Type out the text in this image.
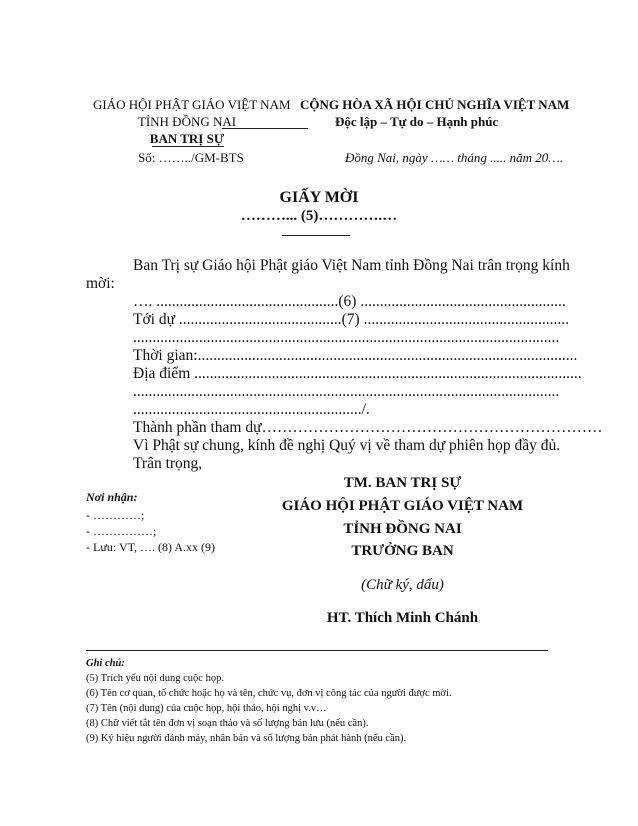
GIÁO HỘI PHẬT GIÁO VIỆT NAM
TỈNH ĐỒNG NAI
BAN TRỊ SỰ
CỘNG HÒA XÃ HỘI CHỦ NGHĨA VIỆT NAM
Độc lập – Tự do – Hạnh phúc
Số: ……../GM-BTS	Đồng Nai, ngày …… tháng ..... năm 20….
GIẤY MỜI
………... (5)………….…
Ban Trị sự Giáo hội Phật giáo Việt Nam tỉnh Đồng Nai trân trọng kính
mời:
…. ...............................................(6) .....................................................
Tới dự ..........................................(7) .....................................................
..............................................................................................................
Thời gian:..................................................................................................
Địa điểm ....................................................................................................
..............................................................................................................
.........................................................../.
Thành phần tham dự…………………………………………………………
Vì Phật sự chung, kính đề nghị Quý vị về tham dự phiên họp đầy đủ.
Trân trọng,
Nơi nhận:
- …………;
- ……………;
- Lưu: VT, …. (8) A.xx (9)
TM. BAN TRỊ SỰ
GIÁO HỘI PHẬT GIÁO VIỆT NAM
TỈNH ĐỒNG NAI
TRƯỞNG BAN
(Chữ ký, dấu)
HT. Thích Minh Chánh
Ghi chú:
(5) Trích yếu nội dung cuộc họp.
(6) Tên cơ quan, tổ chức hoặc họ và tên, chức vụ, đơn vị công tác của người được mời.
(7) Tên (nội dung) của cuộc họp, hội thảo, hội nghị v.v…
(8) Chữ viết tắt tên đơn vị soạn thảo và số lượng bản lưu (nếu cần).
(9) Ký hiệu người đánh máy, nhân bản và số lượng bản phát hành (nếu cần).
